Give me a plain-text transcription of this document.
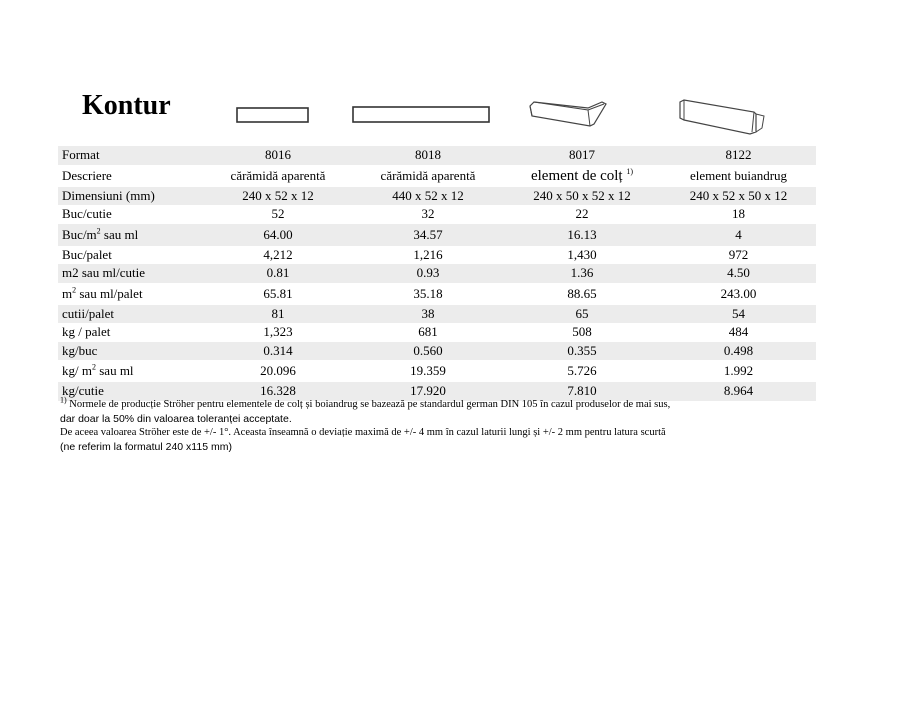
Kontur
Format	8016	8018	8017	8122
Descriere	cărămidă aparentă	cărămidă aparentă	element de colț $^{1)}$	element buiandrug
Dimensiuni (mm)	240 x 52 x 12	440 x 52 x 12	240 x 50 x 52 x 12	240 x 52 x 50 x 12
Buc/cutie	52	32	22	18
Buc/$m^2$ sau ml	64.00	34.57	16.13	4
Buc/palet	4,212	1,216	1,430	972
m2 sau ml/cutie	0.81	0.93	1.36	4.50
$m^2$ sau ml/palet	65.81	35.18	88.65	243.00
cutii/palet	81	38	65	54
kg / palet	1,323	681	508	484
kg/buc	0.314	0.560	0.355	0.498
kg/ $m^2$ sau ml	20.096	19.359	5.726	1.992
kg/cutie	16.328	17.920	7.810	8.964

$^{1)}$ Normele de producție Ströher pentru elementele de colț și boiandrug se bazează pe standardul german DIN 105 în cazul produselor de mai sus,

dar doar la 50% din valoarea toleranței acceptate.

De aceea valoarea Ströher este de +/- 1°. Aceasta înseamnă o deviație maximă de +/- 4 mm în cazul laturii lungi și +/- 2 mm pentru latura scurtă

(ne referim la formatul 240 x115 mm)
